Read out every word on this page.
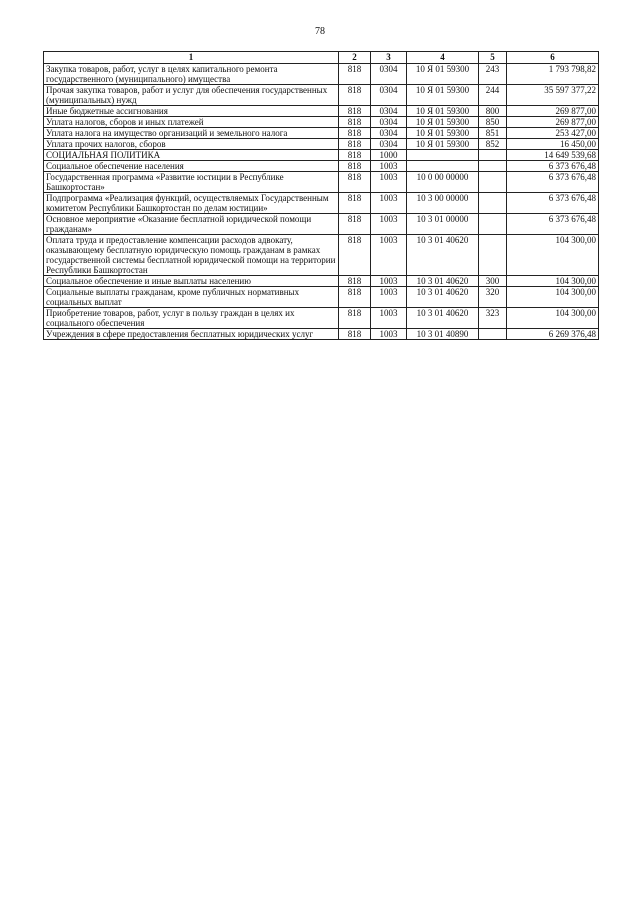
78
1	2	3	4	5	6
Закупка товаров, работ, услуг в целях капитального ремонта государственного (муниципального) имущества	818	0304	10 Я 01 59300	243	1 793 798,82
Прочая закупка товаров, работ и услуг для обеспечения государственных (муниципальных) нужд	818	0304	10 Я 01 59300	244	35 597 377,22
Иные бюджетные ассигнования	818	0304	10 Я 01 59300	800	269 877,00
Уплата налогов, сборов и иных платежей	818	0304	10 Я 01 59300	850	269 877,00
Уплата налога на имущество организаций и земельного налога	818	0304	10 Я 01 59300	851	253 427,00
Уплата прочих налогов, сборов	818	0304	10 Я 01 59300	852	16 450,00
СОЦИАЛЬНАЯ ПОЛИТИКА	818	1000			14 649 539,68
Социальное обеспечение населения	818	1003			6 373 676,48
Государственная программа «Развитие юстиции в Республике Башкортостан»	818	1003	10 0 00 00000		6 373 676,48
Подпрограмма «Реализация функций, осуществляемых Государственным комитетом Республики Башкортостан по делам юстиции»	818	1003	10 3 00 00000		6 373 676,48
Основное мероприятие «Оказание бесплатной юридической помощи гражданам»	818	1003	10 3 01 00000		6 373 676,48
Оплата труда и предоставление компенсации расходов адвокату, оказывающему бесплатную юридическую помощь гражданам в рамках государственной системы бесплатной юридической помощи на территории Республики Башкортостан	818	1003	10 3 01 40620		104 300,00
Социальное обеспечение и иные выплаты населению	818	1003	10 3 01 40620	300	104 300,00
Социальные выплаты гражданам, кроме публичных нормативных социальных выплат	818	1003	10 3 01 40620	320	104 300,00
Приобретение товаров, работ, услуг в пользу граждан в целях их социального обеспечения	818	1003	10 3 01 40620	323	104 300,00
Учреждения в сфере предоставления бесплатных юридических услуг	818	1003	10 3 01 40890		6 269 376,48
